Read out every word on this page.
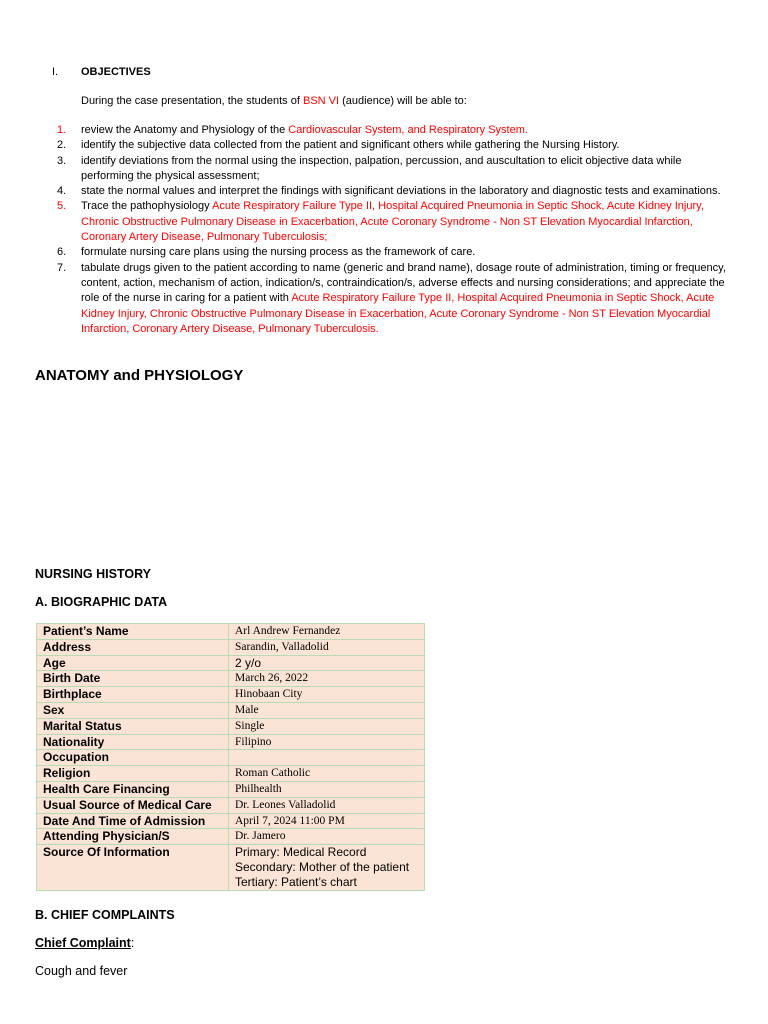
I. OBJECTIVES
During the case presentation, the students of BSN VI (audience) will be able to:
1. review the Anatomy and Physiology of the Cardiovascular System, and Respiratory System.
2. identify the subjective data collected from the patient and significant others while gathering the Nursing History.
3. identify deviations from the normal using the inspection, palpation, percussion, and auscultation to elicit objective data while performing the physical assessment;
4. state the normal values and interpret the findings with significant deviations in the laboratory and diagnostic tests and examinations.
5. Trace the pathophysiology Acute Respiratory Failure Type II, Hospital Acquired Pneumonia in Septic Shock, Acute Kidney Injury, Chronic Obstructive Pulmonary Disease in Exacerbation, Acute Coronary Syndrome - Non ST Elevation Myocardial Infarction, Coronary Artery Disease, Pulmonary Tuberculosis;
6. formulate nursing care plans using the nursing process as the framework of care.
7. tabulate drugs given to the patient according to name (generic and brand name), dosage route of administration, timing or frequency, content, action, mechanism of action, indication/s, contraindication/s, adverse effects and nursing considerations; and appreciate the role of the nurse in caring for a patient with Acute Respiratory Failure Type II, Hospital Acquired Pneumonia in Septic Shock, Acute Kidney Injury, Chronic Obstructive Pulmonary Disease in Exacerbation, Acute Coronary Syndrome - Non ST Elevation Myocardial Infarction, Coronary Artery Disease, Pulmonary Tuberculosis.
ANATOMY and PHYSIOLOGY
NURSING HISTORY
A. BIOGRAPHIC DATA
Patient’s Name	Arl Andrew Fernandez
Address	Sarandin, Valladolid
Age	2 y/o
Birth Date	March 26, 2022
Birthplace	Hinobaan City
Sex	Male
Marital Status	Single
Nationality	Filipino
Occupation	
Religion	Roman Catholic
Health Care Financing	Philhealth
Usual Source of Medical Care	Dr. Leones Valladolid
Date And Time of Admission	April 7, 2024 11:00 PM
Attending Physician/S	Dr. Jamero
Source Of Information	Primary: Medical Record
Secondary: Mother of the patient
Tertiary: Patient’s chart
B. CHIEF COMPLAINTS
Chief Complaint:
Cough and fever
